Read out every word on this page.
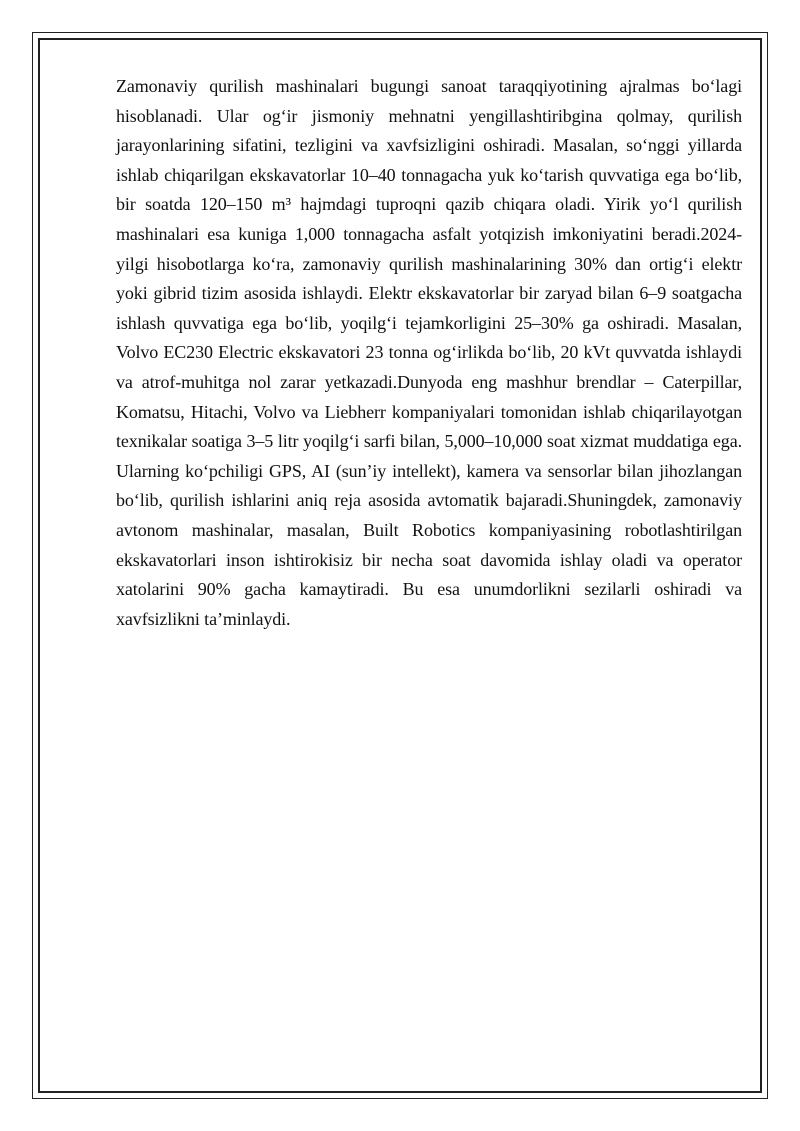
Zamonaviy qurilish mashinalari bugungi sanoat taraqqiyotining ajralmas bo‘lagi hisoblanadi. Ular og‘ir jismoniy mehnatni yengillashtiribgina qolmay, qurilish jarayonlarining sifatini, tezligini va xavfsizligini oshiradi. Masalan, so‘nggi yillarda ishlab chiqarilgan ekskavatorlar 10–40 tonnagacha yuk ko‘tarish quvvatiga ega bo‘lib, bir soatda 120–150 m³ hajmdagi tuproqni qazib chiqara oladi. Yirik yo‘l qurilish mashinalari esa kuniga 1,000 tonnagacha asfalt yotqizish imkoniyatini beradi.2024-yilgi hisobotlarga ko‘ra, zamonaviy qurilish mashinalarining 30% dan ortig‘i elektr yoki gibrid tizim asosida ishlaydi. Elektr ekskavatorlar bir zaryad bilan 6–9 soatgacha ishlash quvvatiga ega bo‘lib, yoqilg‘i tejamkorligini 25–30% ga oshiradi. Masalan, Volvo EC230 Electric ekskavatori 23 tonna og‘irlikda bo‘lib, 20 kVt quvvatda ishlaydi va atrof-muhitga nol zarar yetkazadi.Dunyoda eng mashhur brendlar – Caterpillar, Komatsu, Hitachi, Volvo va Liebherr kompaniyalari tomonidan ishlab chiqarilayotgan texnikalar soatiga 3–5 litr yoqilg‘i sarfi bilan, 5,000–10,000 soat xizmat muddatiga ega. Ularning ko‘pchiligi GPS, AI (sun’iy intellekt), kamera va sensorlar bilan jihozlangan bo‘lib, qurilish ishlarini aniq reja asosida avtomatik bajaradi.Shuningdek, zamonaviy avtonom mashinalar, masalan, Built Robotics kompaniyasining robotlashtirilgan ekskavatorlari inson ishtirokisiz bir necha soat davomida ishlay oladi va operator xatolarini 90% gacha kamaytiradi. Bu esa unumdorlikni sezilarli oshiradi va xavfsizlikni ta’minlaydi.
